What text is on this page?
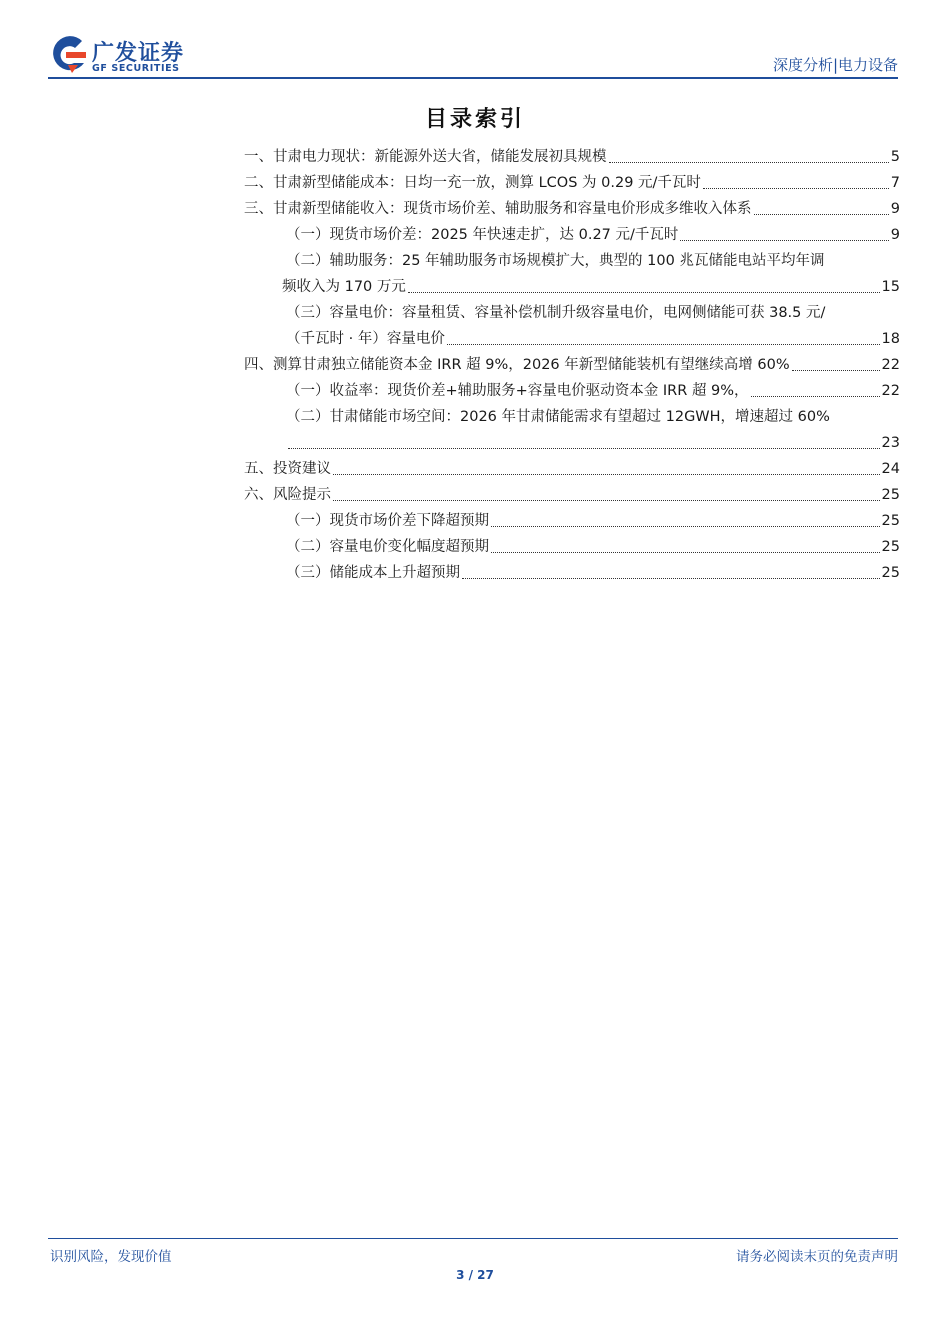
广发证券
GF SECURITIES	深度分析|电力设备
目录索引
一、甘肃电力现状：新能源外送大省，储能发展初具规模	5
二、甘肃新型储能成本：日均一充一放，测算 LCOS 为 0.29 元/千瓦时	7
三、甘肃新型储能收入：现货市场价差、辅助服务和容量电价形成多维收入体系	9
（一）现货市场价差：2025 年快速走扩，达 0.27 元/千瓦时	9
（二）辅助服务：25 年辅助服务市场规模扩大，典型的 100 兆瓦储能电站平均年调
频收入为 170 万元	15
（三）容量电价：容量租赁、容量补偿机制升级容量电价，电网侧储能可获 38.5 元/
（千瓦时 · 年）容量电价	18
四、测算甘肃独立储能资本金 IRR 超 9%，2026 年新型储能装机有望继续高增 60%	22
（一）收益率：现货价差+辅助服务+容量电价驱动资本金 IRR 超 9%，	22
（二）甘肃储能市场空间：2026 年甘肃储能需求有望超过 12GWH，增速超过 60%
23
五、投资建议	24
六、风险提示	25
（一）现货市场价差下降超预期	25
（二）容量电价变化幅度超预期	25
（三）储能成本上升超预期	25
识别风险，发现价值	请务必阅读末页的免责声明
3 / 27
